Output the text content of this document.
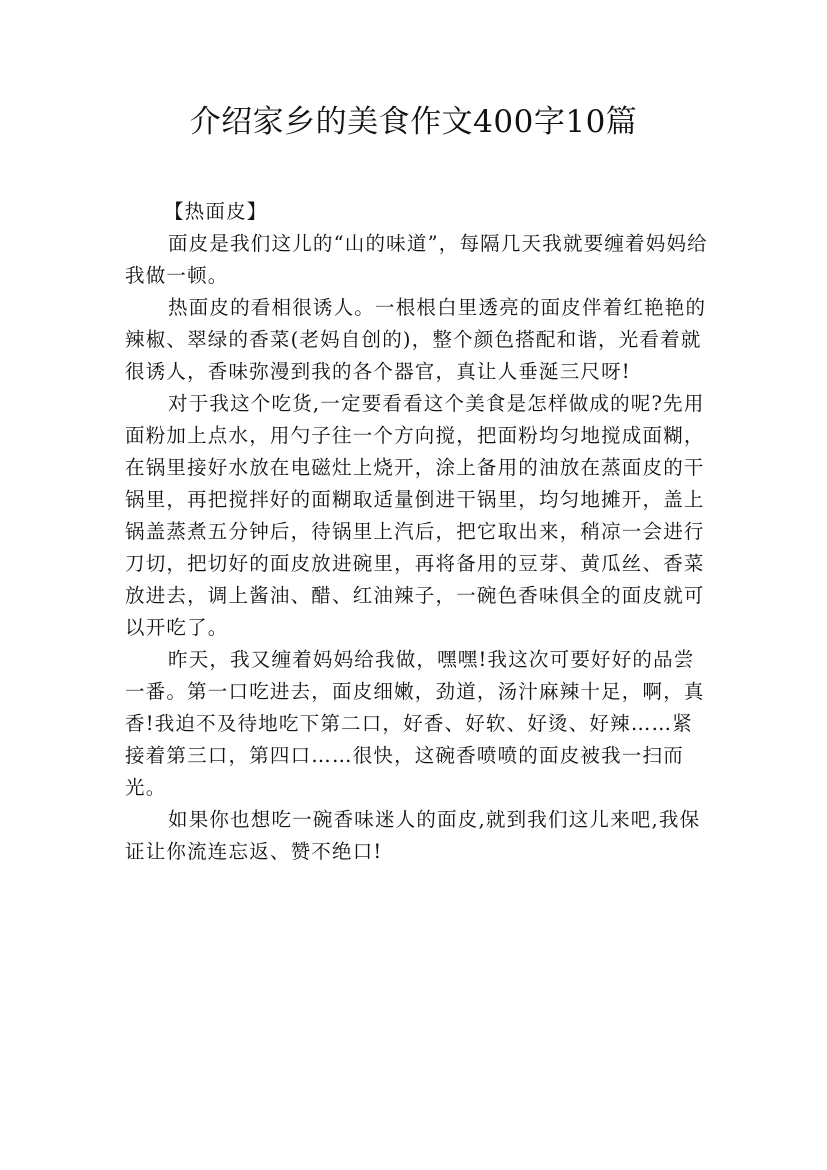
介绍家乡的美食作文400字10篇

【热面皮】

面皮是我们这儿的“山的味道”，每隔几天我就要缠着妈妈给我做一顿。

热面皮的看相很诱人。一根根白里透亮的面皮伴着红艳艳的辣椒、翠绿的香菜(老妈自创的)，整个颜色搭配和谐，光看着就很诱人，香味弥漫到我的各个器官，真让人垂涎三尺呀!

对于我这个吃货,一定要看看这个美食是怎样做成的呢?先用面粉加上点水，用勺子往一个方向搅，把面粉均匀地搅成面糊，在锅里接好水放在电磁灶上烧开，涂上备用的油放在蒸面皮的干锅里，再把搅拌好的面糊取适量倒进干锅里，均匀地摊开，盖上锅盖蒸煮五分钟后，待锅里上汽后，把它取出来，稍凉一会进行刀切，把切好的面皮放进碗里，再将备用的豆芽、黄瓜丝、香菜放进去，调上酱油、醋、红油辣子，一碗色香味俱全的面皮就可以开吃了。

昨天，我又缠着妈妈给我做，嘿嘿!我这次可要好好的品尝一番。第一口吃进去，面皮细嫩，劲道，汤汁麻辣十足，啊，真香!我迫不及待地吃下第二口，好香、好软、好烫、好辣……紧接着第三口，第四口……很快，这碗香喷喷的面皮被我一扫而光。

如果你也想吃一碗香味迷人的面皮,就到我们这儿来吧,我保证让你流连忘返、赞不绝口!
